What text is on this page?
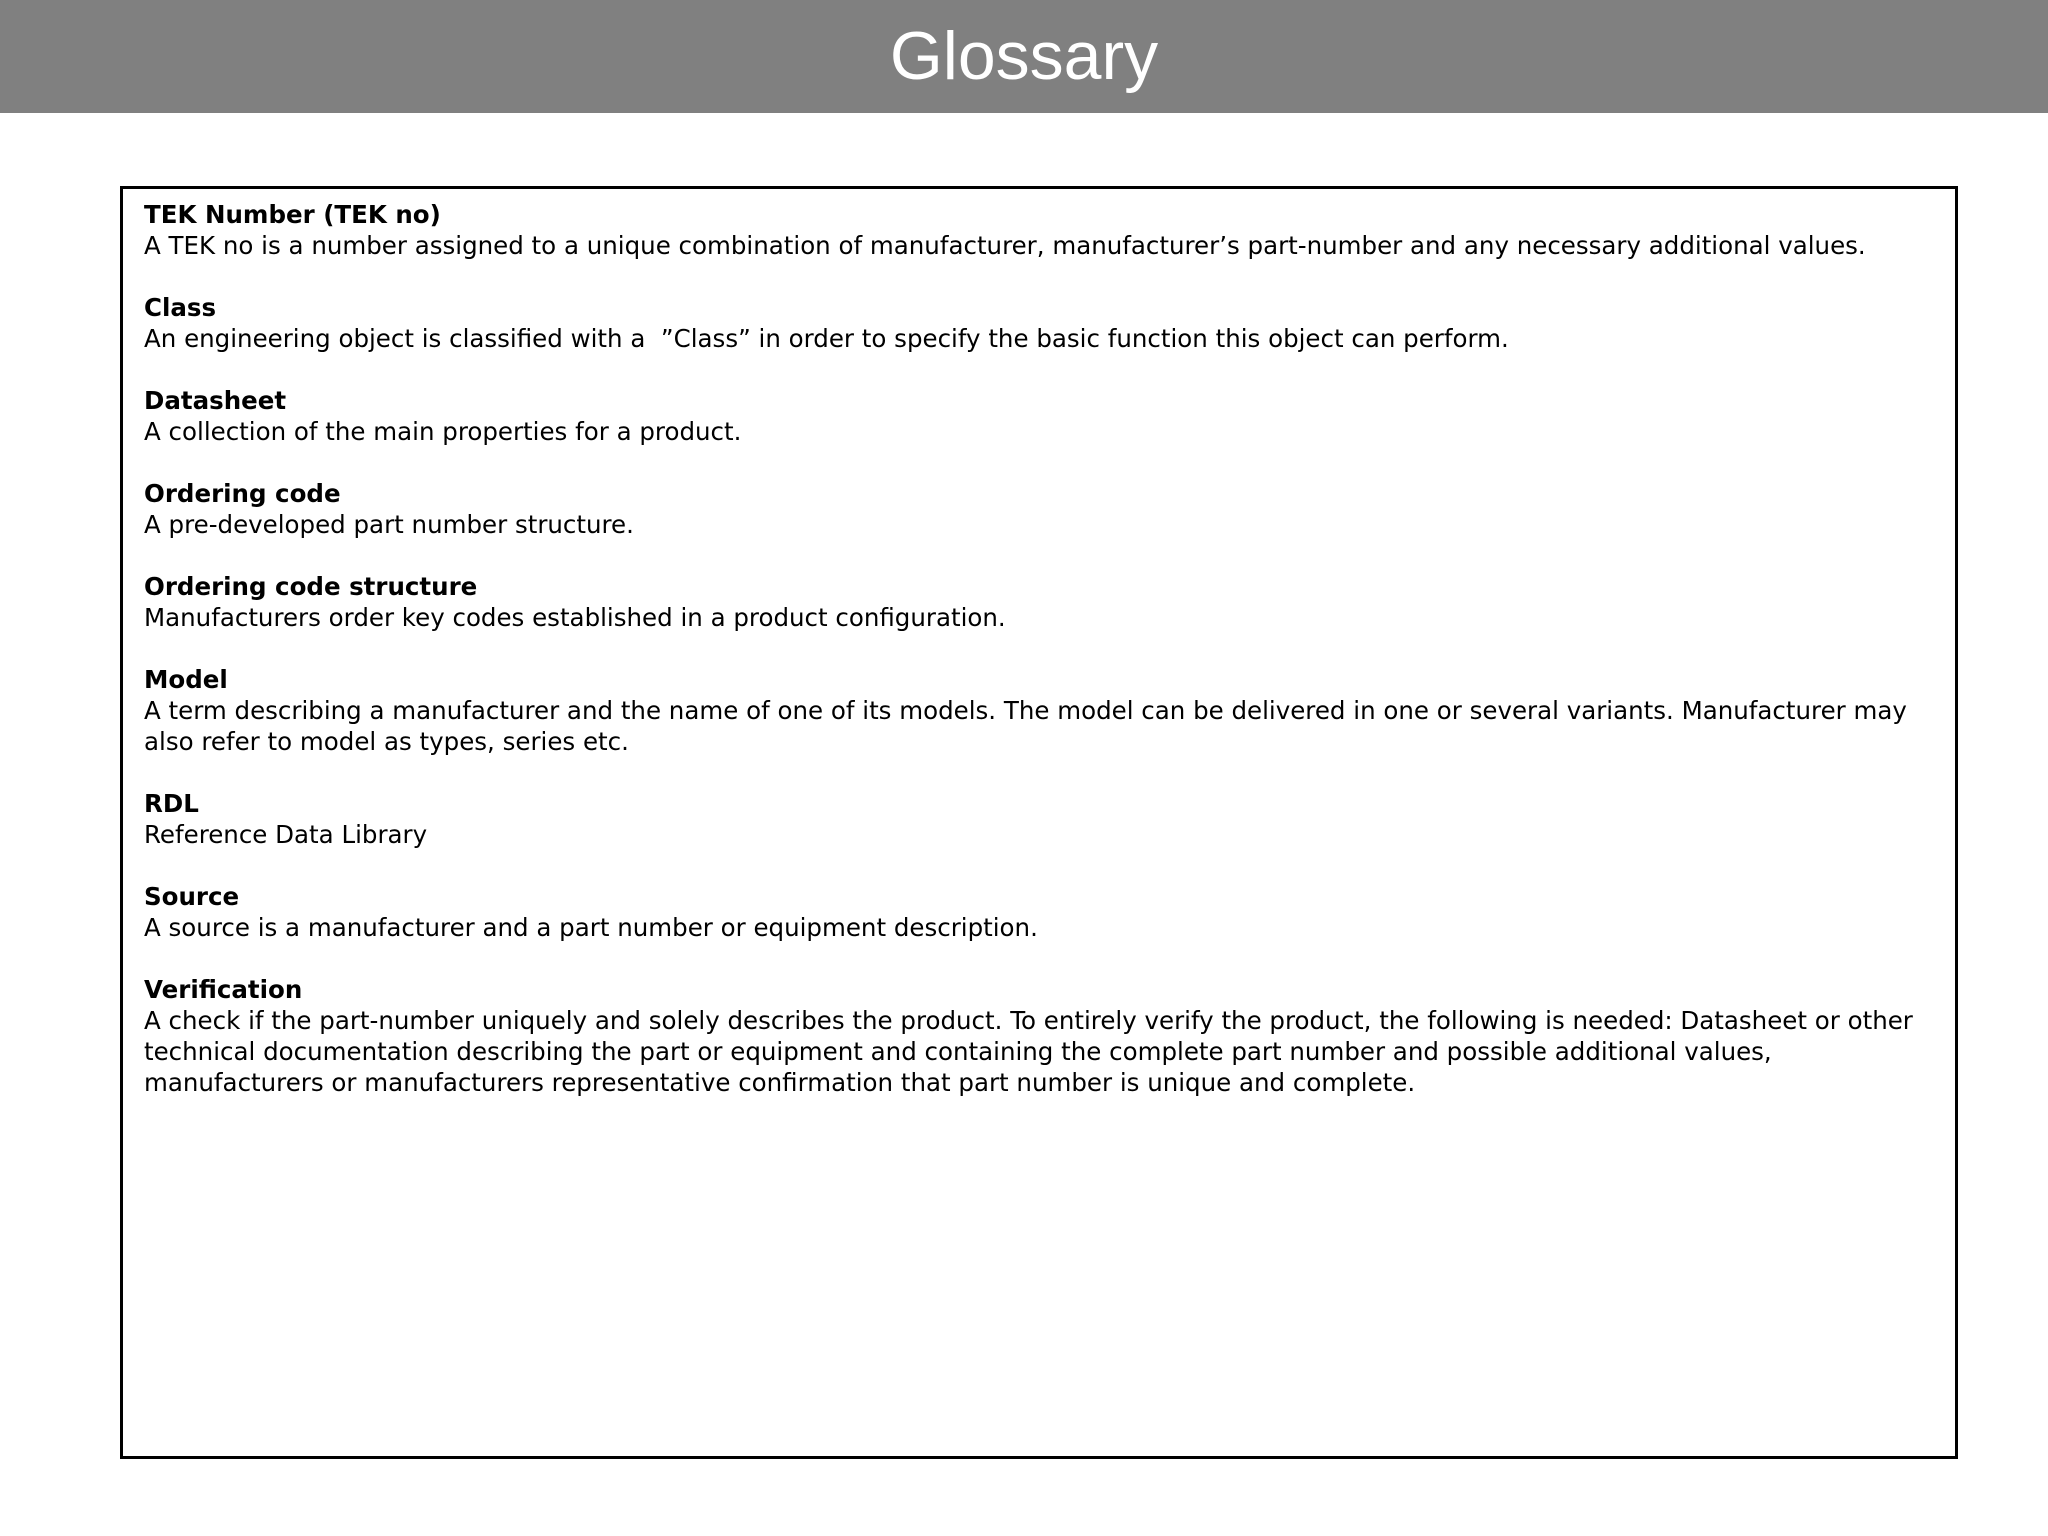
Glossary
TEK Number (TEK no)
A TEK no is a number assigned to a unique combination of manufacturer, manufacturer’s part-number and any necessary additional values.
Class
An engineering object is classified with a  ”Class” in order to specify the basic function this object can perform.
Datasheet
A collection of the main properties for a product.
Ordering code
A pre-developed part number structure.
Ordering code structure
Manufacturers order key codes established in a product configuration.
Model
A term describing a manufacturer and the name of one of its models. The model can be delivered in one or several variants. Manufacturer may also refer to model as types, series etc.
RDL
Reference Data Library
Source
A source is a manufacturer and a part number or equipment description.
Verification
A check if the part-number uniquely and solely describes the product. To entirely verify the product, the following is needed: Datasheet or other technical documentation describing the part or equipment and containing the complete part number and possible additional values, manufacturers or manufacturers representative confirmation that part number is unique and complete.
